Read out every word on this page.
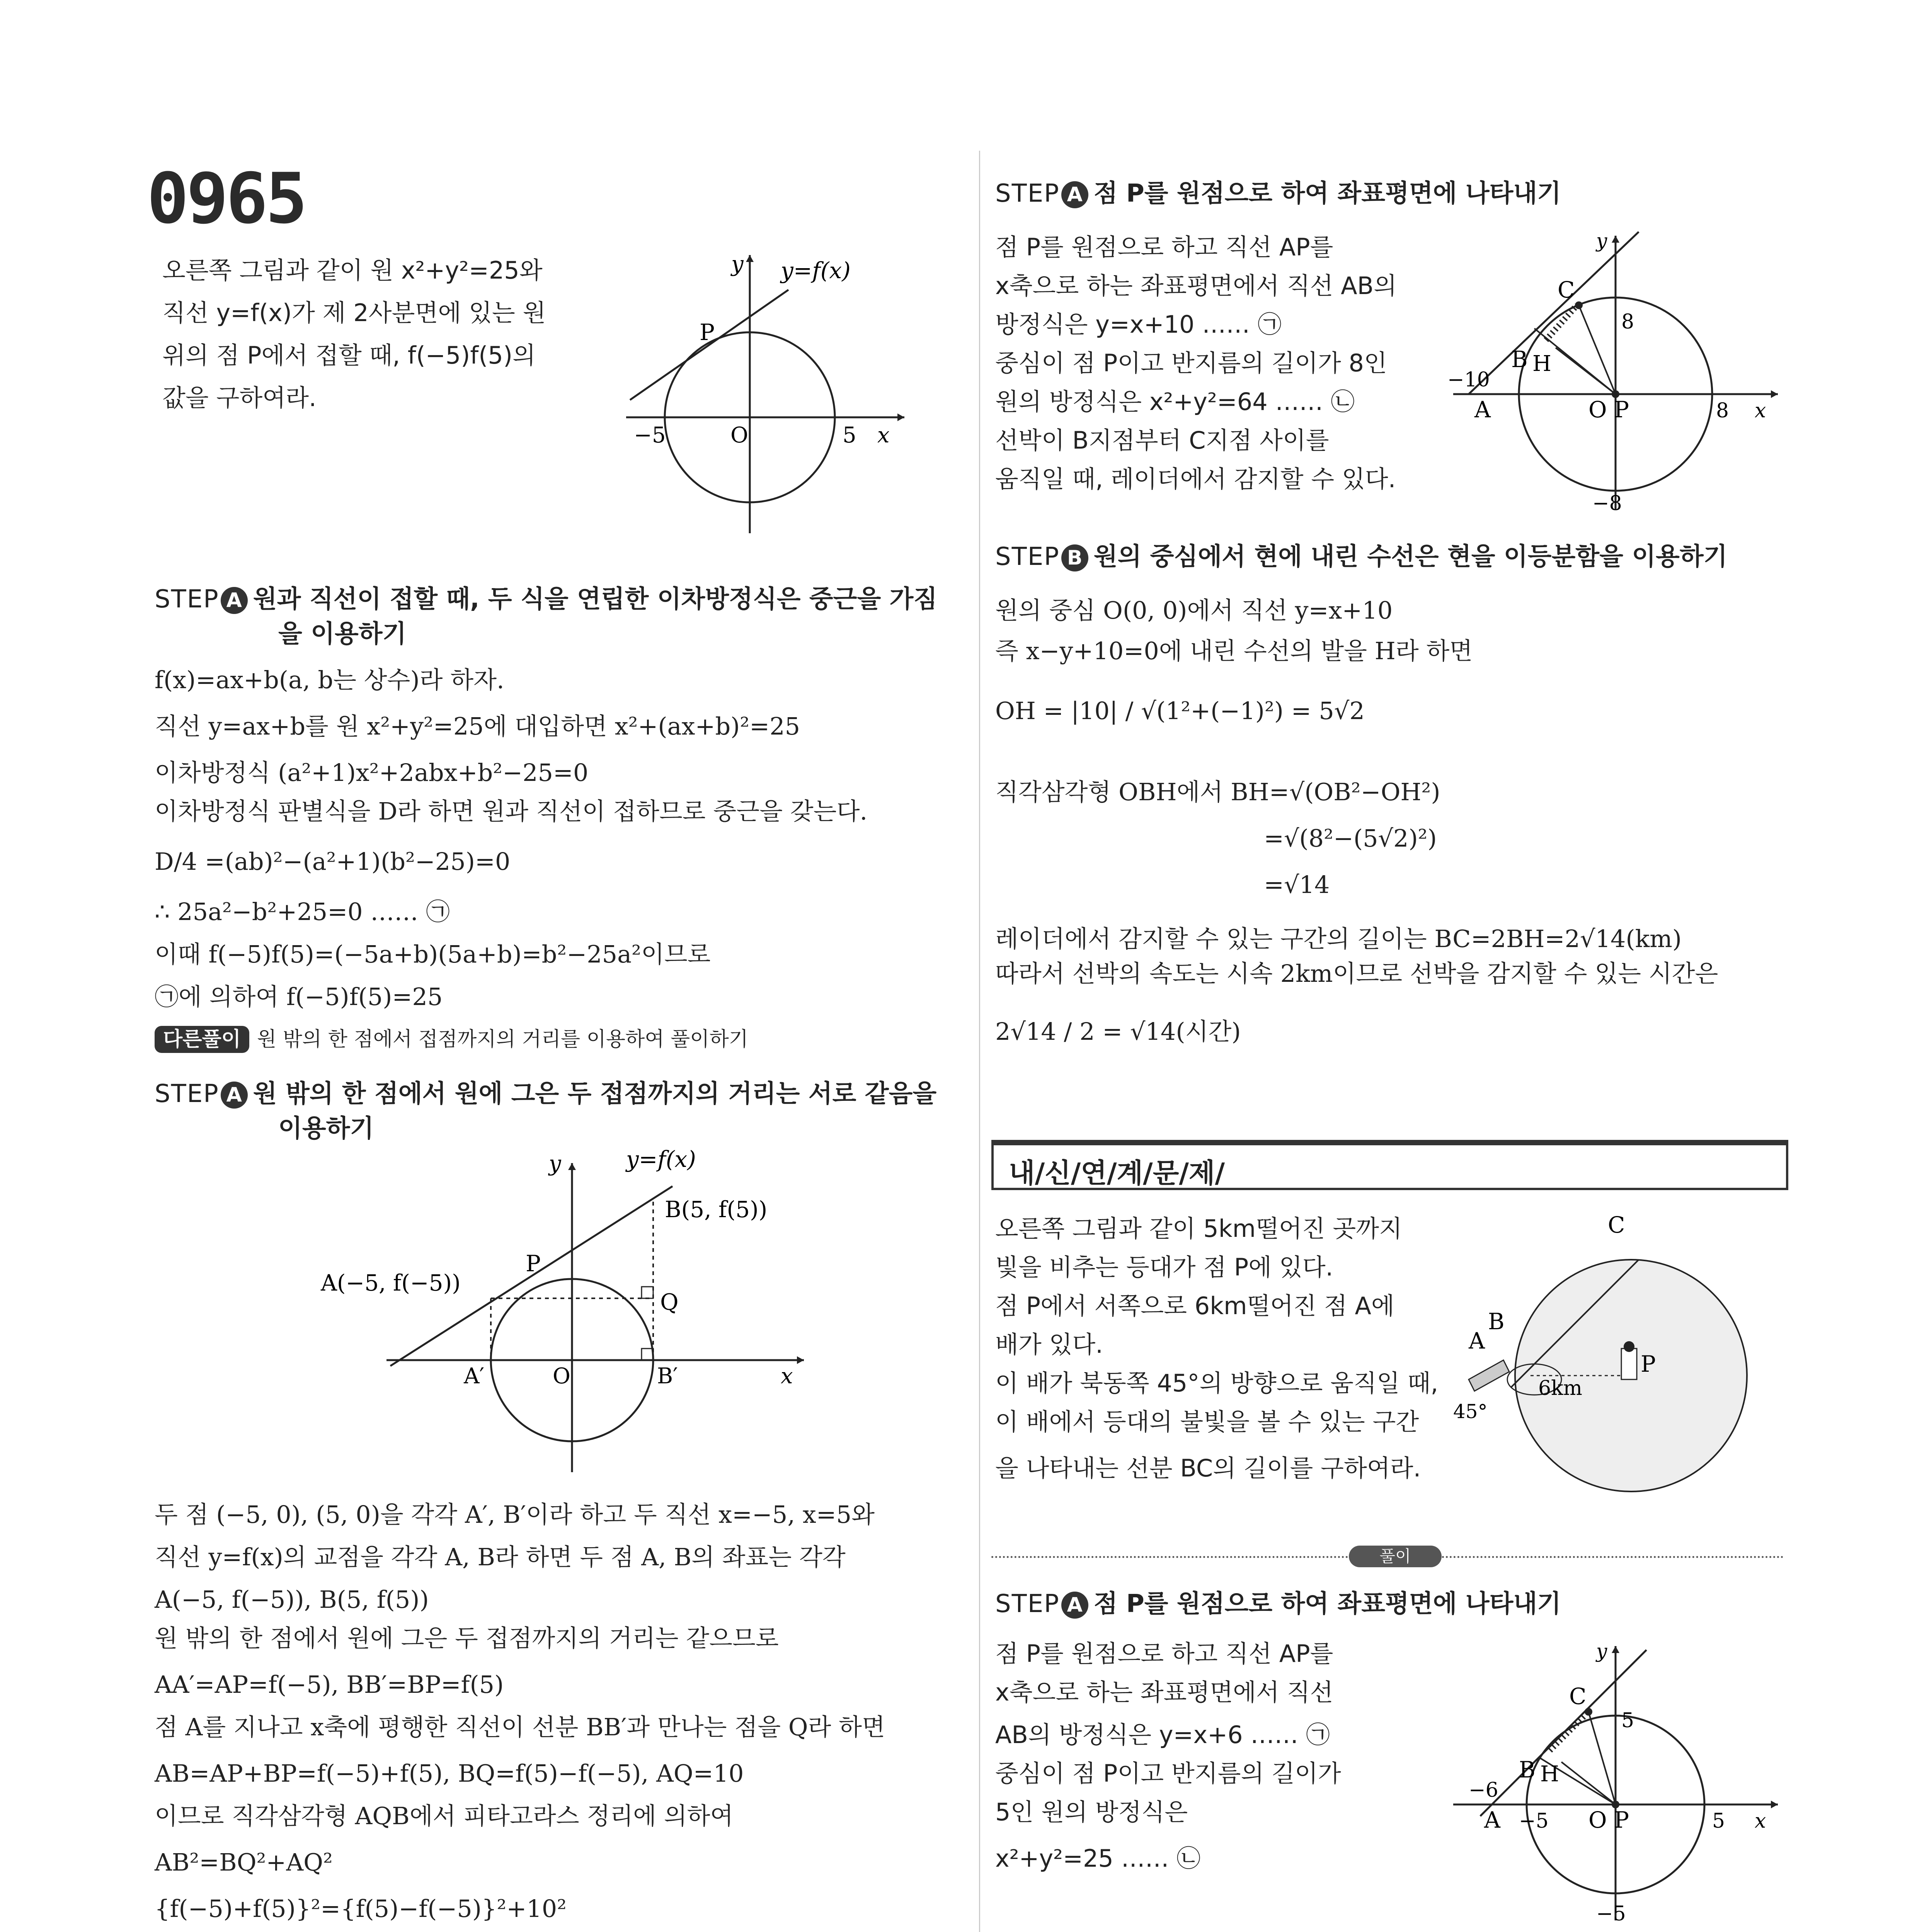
0965
오른쪽 그림과 같이 원 x²+y²=25와
직선 y=f(x)가 제 2사분면에 있는 원
위의 점 P에서 접할 때, f(−5)f(5)의
값을 구하여라.
y y=f(x)
P
−5	O	5 x
STEP A 원과 직선이 접할 때, 두 식을 연립한 이차방정식은 중근을 가짐
을 이용하기
f(x)=ax+b(a, b는 상수)라 하자.
직선 y=ax+b를 원 x²+y²=25에 대입하면 x²+(ax+b)²=25
이차방정식 (a²+1)x²+2abx+b²−25=0
이차방정식 판별식을 D라 하면 원과 직선이 접하므로 중근을 갖는다.
D/4 =(ab)²−(a²+1)(b²−25)=0
∴ 25a²−b²+25=0 …… ㉠
이때 f(−5)f(5)=(−5a+b)(5a+b)=b²−25a²이므로
㉠에 의하여 f(−5)f(5)=25
다른풀이 원 밖의 한 점에서 접점까지의 거리를 이용하여 풀이하기
STEP A 원 밖의 한 점에서 원에 그은 두 접점까지의 거리는 서로 같음을
이용하기
y	y=f(x)
B(5, f(5))
A(−5, f(−5))
P
Q
A′	O	B′	x
두 점 (−5, 0), (5, 0)을 각각 A′, B′이라 하고 두 직선 x=−5, x=5와
직선 y=f(x)의 교점을 각각 A, B라 하면 두 점 A, B의 좌표는 각각
A(−5, f(−5)), B(5, f(5))
원 밖의 한 점에서 원에 그은 두 접점까지의 거리는 같으므로
AA′=AP=f(−5), BB′=BP=f(5)
점 A를 지나고 x축에 평행한 직선이 선분 BB′과 만나는 점을 Q라 하면
AB=AP+BP=f(−5)+f(5), BQ=f(5)−f(−5), AQ=10
이므로 직각삼각형 AQB에서 피타고라스 정리에 의하여
AB²=BQ²+AQ²
{f(−5)+f(5)}²={f(5)−f(−5)}²+10²
STEP A 점 P를 원점으로 하여 좌표평면에 나타내기
점 P를 원점으로 하고 직선 AP를
x축으로 하는 좌표평면에서 직선 AB의
방정식은 y=x+10 …… ㉠
중심이 점 P이고 반지름의 길이가 8인
원의 방정식은 x²+y²=64 …… ㉡
선박이 B지점부터 C지점 사이를
움직일 때, 레이더에서 감지할 수 있다.
y
C
8
−10
B H
A	O P	8 x
−8
STEP B 원의 중심에서 현에 내린 수선은 현을 이등분함을 이용하기
원의 중심 O(0, 0)에서 직선 y=x+10
즉 x−y+10=0에 내린 수선의 발을 H라 하면
OH = |10| / √(1²+(−1)²) = 5√2
직각삼각형 OBH에서 BH=√(OB²−OH²)
=√(8²−(5√2)²)
=√14
레이더에서 감지할 수 있는 구간의 길이는 BC=2BH=2√14(km)
따라서 선박의 속도는 시속 2km이므로 선박을 감지할 수 있는 시간은
2√14 / 2 = √14(시간)
내/신/연/계/문/제/
오른쪽 그림과 같이 5km떨어진 곳까지
빛을 비추는 등대가 점 P에 있다.
점 P에서 서쪽으로 6km떨어진 점 A에
배가 있다.
이 배가 북동쪽 45°의 방향으로 움직일 때,
이 배에서 등대의 불빛을 볼 수 있는 구간
을 나타내는 선분 BC의 길이를 구하여라.
C
A
B
6km
P
45°
풀이
STEP A 점 P를 원점으로 하여 좌표평면에 나타내기
점 P를 원점으로 하고 직선 AP를
x축으로 하는 좌표평면에서 직선
AB의 방정식은 y=x+6 …… ㉠
중심이 점 P이고 반지름의 길이가
5인 원의 방정식은
x²+y²=25 …… ㉡
y
C
5
−6
B H
A −5 O P	5 x
−5
